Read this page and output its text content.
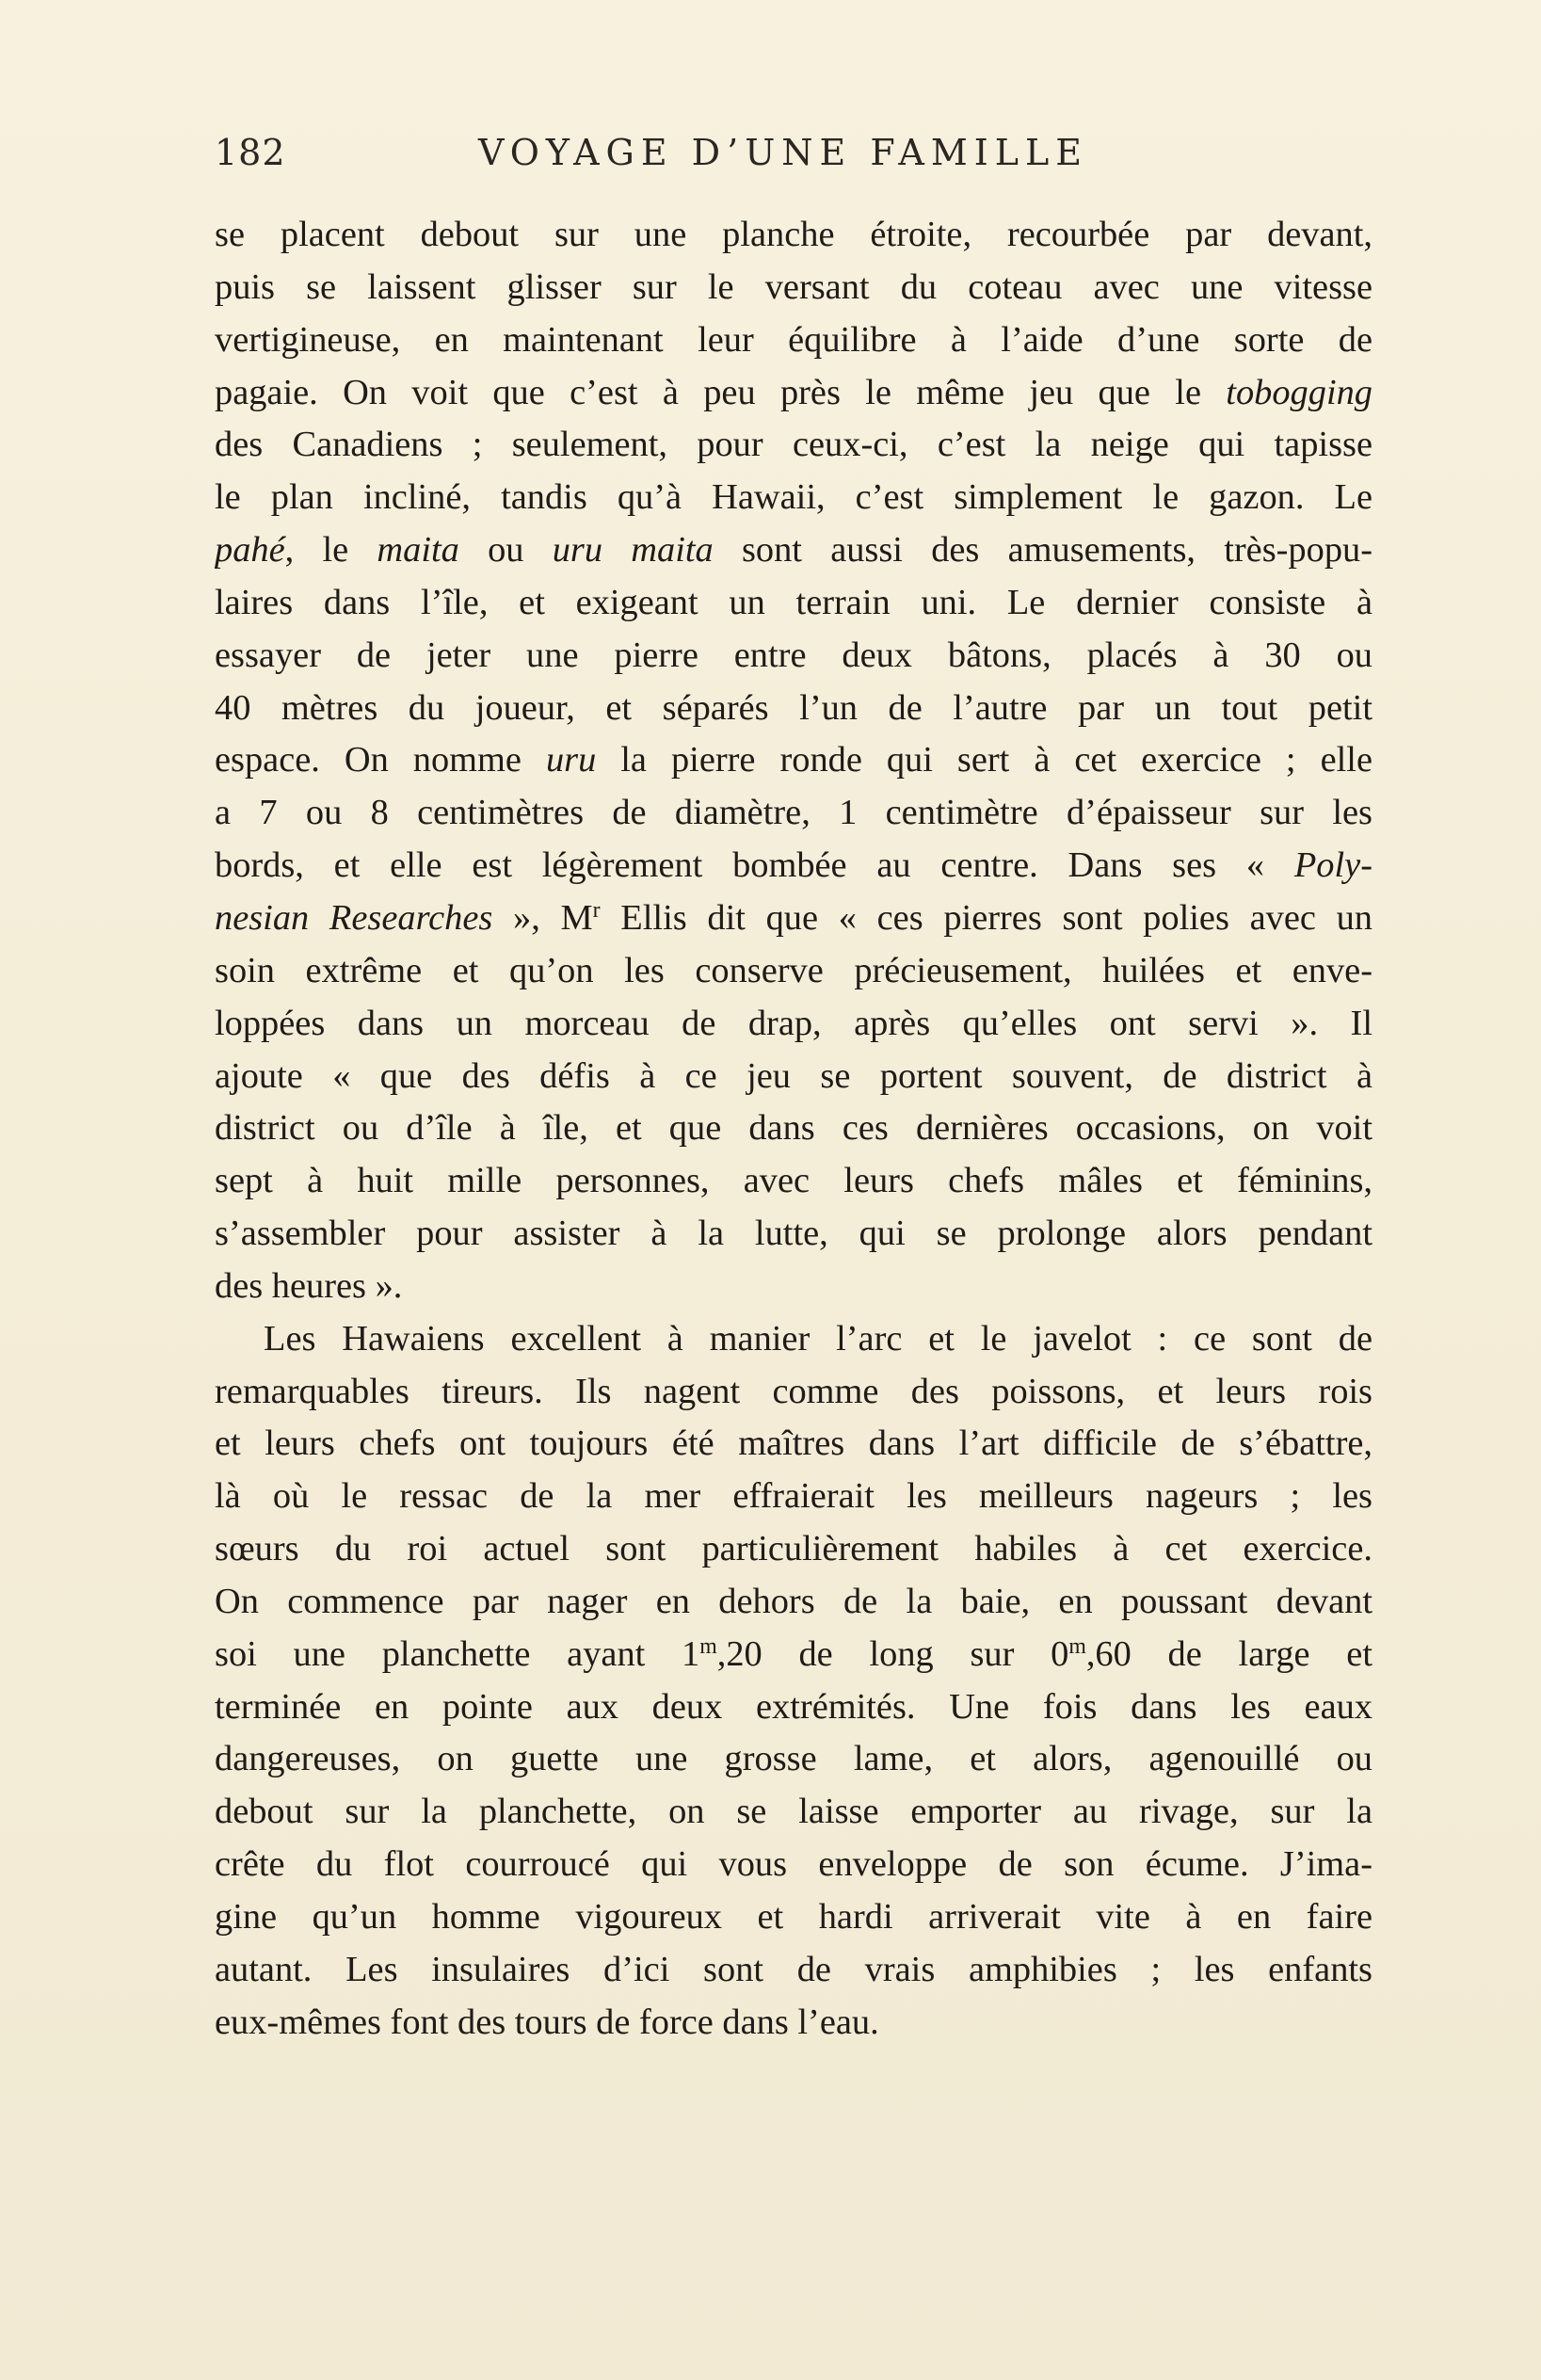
182	VOYAGE D’UNE FAMILLE
se placent debout sur une planche étroite, recourbée par devant,
puis se laissent glisser sur le versant du coteau avec une vitesse
vertigineuse, en maintenant leur équilibre à l’aide d’une sorte de
pagaie. On voit que c’est à peu près le même jeu que le tobogging
des Canadiens ; seulement, pour ceux-ci, c’est la neige qui tapisse
le plan incliné, tandis qu’à Hawaii, c’est simplement le gazon. Le
pahé, le maita ou uru maita sont aussi des amusements, très-popu-
laires dans l’île, et exigeant un terrain uni. Le dernier consiste à
essayer de jeter une pierre entre deux bâtons, placés à 30 ou
40 mètres du joueur, et séparés l’un de l’autre par un tout petit
espace. On nomme uru la pierre ronde qui sert à cet exercice ; elle
a 7 ou 8 centimètres de diamètre, 1 centimètre d’épaisseur sur les
bords, et elle est légèrement bombée au centre. Dans ses « Poly-
nesian Researches », $M^r$ Ellis dit que « ces pierres sont polies avec un
soin extrême et qu’on les conserve précieusement, huilées et enve-
loppées dans un morceau de drap, après qu’elles ont servi ». Il
ajoute « que des défis à ce jeu se portent souvent, de district à
district ou d’île à île, et que dans ces dernières occasions, on voit
sept à huit mille personnes, avec leurs chefs mâles et féminins,
s’assembler pour assister à la lutte, qui se prolonge alors pendant
des heures ».
Les Hawaiens excellent à manier l’arc et le javelot : ce sont de
remarquables tireurs. Ils nagent comme des poissons, et leurs rois
et leurs chefs ont toujours été maîtres dans l’art difficile de s’ébattre,
là où le ressac de la mer effraierait les meilleurs nageurs ; les
sœurs du roi actuel sont particulièrement habiles à cet exercice.
On commence par nager en dehors de la baie, en poussant devant
soi une planchette ayant 1$^m$,20 de long sur 0$^m$,60 de large et
terminée en pointe aux deux extrémités. Une fois dans les eaux
dangereuses, on guette une grosse lame, et alors, agenouillé ou
debout sur la planchette, on se laisse emporter au rivage, sur la
crête du flot courroucé qui vous enveloppe de son écume. J’ima-
gine qu’un homme vigoureux et hardi arriverait vite à en faire
autant. Les insulaires d’ici sont de vrais amphibies ; les enfants
eux-mêmes font des tours de force dans l’eau.
